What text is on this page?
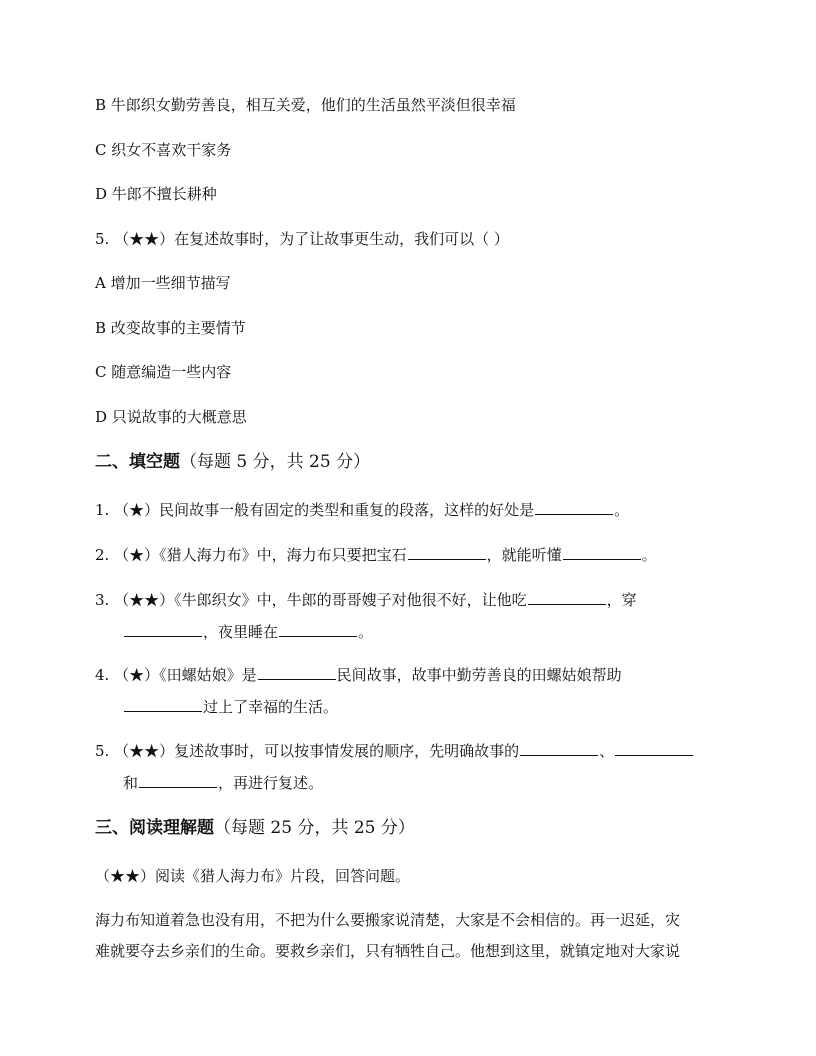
B 牛郎织女勤劳善良，相互关爱，他们的生活虽然平淡但很幸福
C 织女不喜欢干家务
D 牛郎不擅长耕种
5. （★★）在复述故事时，为了让故事更生动，我们可以（ ）
A 增加一些细节描写
B 改变故事的主要情节
C 随意编造一些内容
D 只说故事的大概意思
二、填空题（每题 5 分，共 25 分）
1. （★）民间故事一般有固定的类型和重复的段落，这样的好处是	。
2. （★）《猎人海力布》中，海力布只要把宝石	，就能听懂	。
3. （★★）《牛郎织女》中，牛郎的哥哥嫂子对他很不好，让他吃	，穿
，夜里睡在	。
4. （★）《田螺姑娘》是	民间故事，故事中勤劳善良的田螺姑娘帮助
过上了幸福的生活。
5. （★★）复述故事时，可以按事情发展的顺序，先明确故事的	、
和	，再进行复述。
三、阅读理解题（每题 25 分，共 25 分）
（★★）阅读《猎人海力布》片段，回答问题。
海力布知道着急也没有用，不把为什么要搬家说清楚，大家是不会相信的。再一迟延，灾
难就要夺去乡亲们的生命。要救乡亲们，只有牺牲自己。他想到这里，就镇定地对大家说
